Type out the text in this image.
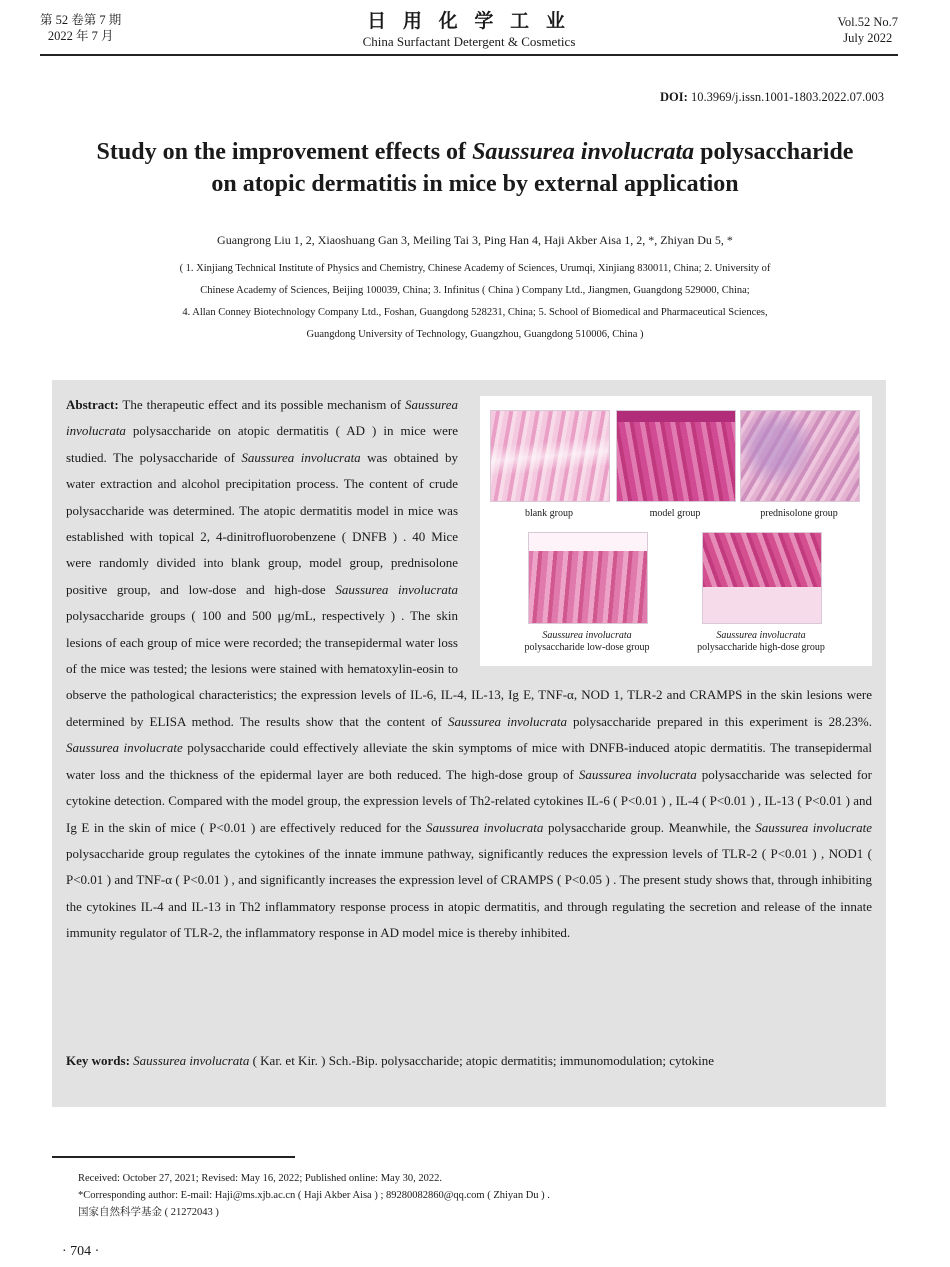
第 52 卷第 7 期
2022 年 7 月
日 用 化 学 工 业
China Surfactant Detergent & Cosmetics
Vol.52 No.7
July 2022
DOI: 10.3969/j.issn.1001-1803.2022.07.003
Study on the improvement effects of Saussurea involucrata polysaccharide
on atopic dermatitis in mice by external application
Guangrong Liu 1, 2, Xiaoshuang Gan 3, Meiling Tai 3, Ping Han 4, Haji Akber Aisa 1, 2, *, Zhiyan Du 5, *
( 1. Xinjiang Technical Institute of Physics and Chemistry, Chinese Academy of Sciences, Urumqi, Xinjiang 830011, China; 2. University of
Chinese Academy of Sciences, Beijing 100039, China; 3. Infinitus ( China ) Company Ltd., Jiangmen, Guangdong 529000, China;
4. Allan Conney Biotechnology Company Ltd., Foshan, Guangdong 528231, China; 5. School of Biomedical and Pharmaceutical Sciences,
Guangdong University of Technology, Guangzhou, Guangdong 510006, China )
blank group	model group	prednisolone group
Saussurea involucrata
polysaccharide low-dose group
Saussurea involucrata
polysaccharide high-dose group

Abstract: The therapeutic effect and its possible mechanism of Saussurea involucrata polysaccharide on atopic dermatitis ( AD ) in mice were studied. The polysaccharide of Saussurea involucrata was obtained by water extraction and alcohol precipitation process. The content of crude polysaccharide was determined. The atopic dermatitis model in mice was established with topical 2, 4-dinitrofluorobenzene ( DNFB ) . 40 Mice were randomly divided into blank group, model group, prednisolone positive group, and low-dose and high-dose Saussurea involucrata polysaccharide groups ( 100 and 500 μg/mL, respectively ) . The skin lesions of each group of mice were recorded; the transepidermal water loss of the mice was tested; the lesions were stained with hematoxylin-eosin to observe the pathological characteristics; the expression levels of IL-6, IL-4, IL-13, Ig E, TNF-α, NOD 1, TLR-2 and CRAMPS in the skin lesions were determined by ELISA method. The results show that the content of Saussurea involucrata polysaccharide prepared in this experiment is 28.23%. Saussurea involucrate polysaccharide could effectively alleviate the skin symptoms of mice with DNFB-induced atopic dermatitis. The transepidermal water loss and the thickness of the epidermal layer are both reduced. The high-dose group of Saussurea involucrata polysaccharide was selected for cytokine detection. Compared with the model group, the expression levels of Th2-related cytokines IL-6 ( P<0.01 ) , IL-4 ( P<0.01 ) , IL-13 ( P<0.01 ) and Ig E in the skin of mice ( P<0.01 ) are effectively reduced for the Saussurea involucrata polysaccharide group. Meanwhile, the Saussurea involucrate polysaccharide group regulates the cytokines of the innate immune pathway, significantly reduces the expression levels of TLR-2 ( P<0.01 ) , NOD1 ( P<0.01 ) and TNF-α ( P<0.01 ) , and significantly increases the expression level of CRAMPS ( P<0.05 ) . The present study shows that, through inhibiting the cytokines IL-4 and IL-13 in Th2 inflammatory response process in atopic dermatitis, and through regulating the secretion and release of the innate immunity regulator of TLR-2, the inflammatory response in AD model mice is thereby inhibited.

Key words: Saussurea involucrata ( Kar. et Kir. ) Sch.-Bip. polysaccharide; atopic dermatitis; immunomodulation; cytokine
Received: October 27, 2021; Revised: May 16, 2022; Published online: May 30, 2022.
*Corresponding author: E-mail: Haji@ms.xjb.ac.cn ( Haji Akber Aisa ) ; 89280082860@qq.com ( Zhiyan Du ) .
国家自然科学基金 ( 21272043 )
· 704 ·
